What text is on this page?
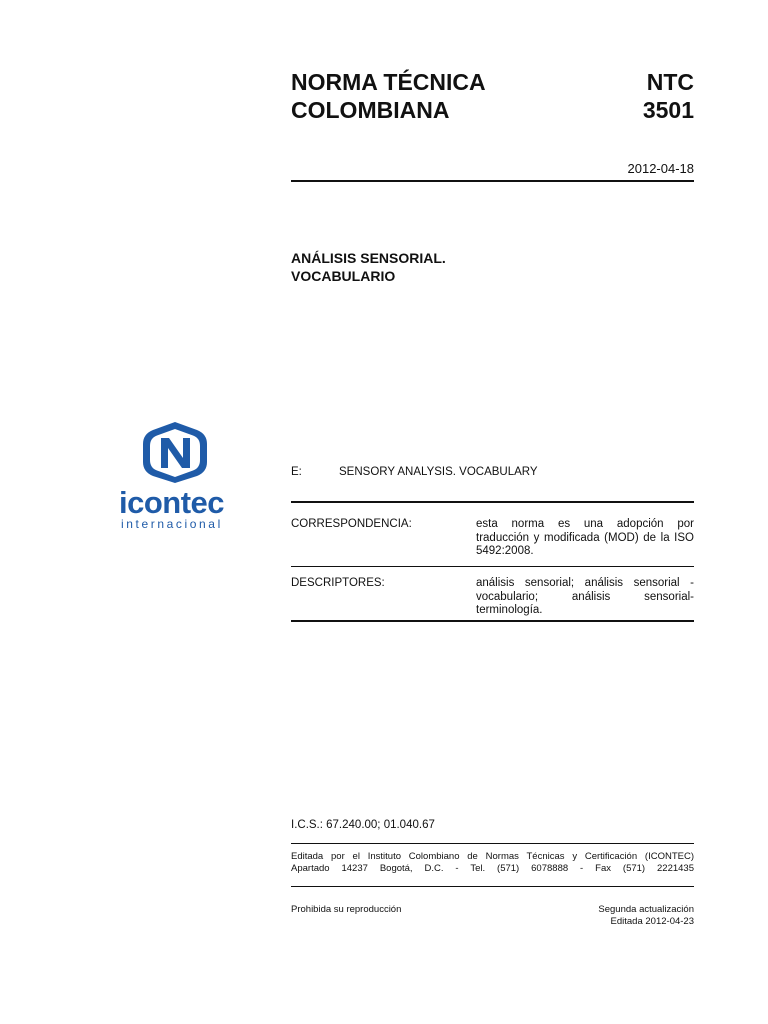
NORMA TÉCNICA
COLOMBIANA
NTC
3501
2012-04-18
ANÁLISIS SENSORIAL.
VOCABULARIO
icontec
internacional
E:	SENSORY ANALYSIS. VOCABULARY
CORRESPONDENCIA:	esta norma es una adopción por traducción y modificada (MOD) de la ISO 5492:2008.
DESCRIPTORES:	análisis sensorial; análisis sensorial - vocabulario; análisis sensorial-terminología.
I.C.S.: 67.240.00; 01.040.67
Editada por el Instituto Colombiano de Normas Técnicas y Certificación (ICONTEC)
Apartado 14237 Bogotá, D.C. - Tel. (571) 6078888 - Fax (571) 2221435
Prohibida su reproducción	Segunda actualización
Editada 2012-04-23
